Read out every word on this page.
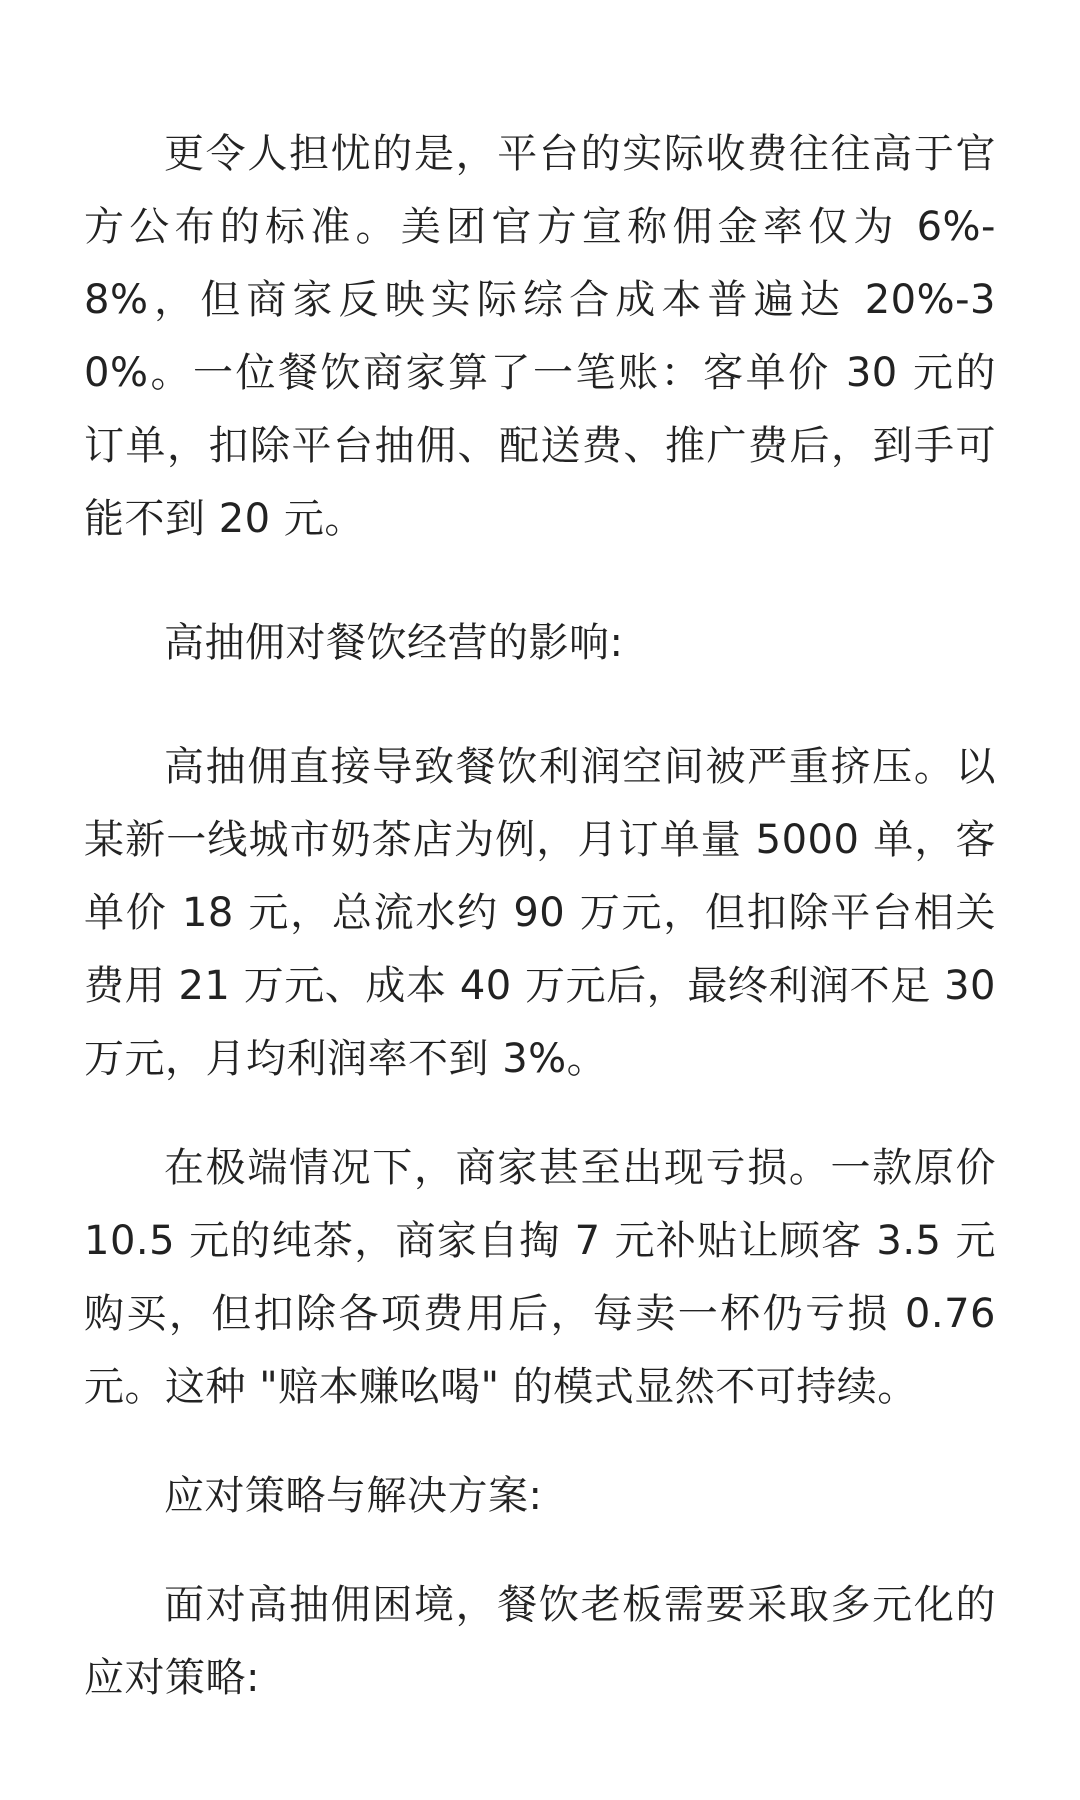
更令人担忧的是，平台的实际收费往往高于官方公布的标准。美团官方宣称佣金率仅为 6%-8%，但商家反映实际综合成本普遍达 20%-30%。一位餐饮商家算了一笔账：客单价 30 元的订单，扣除平台抽佣、配送费、推广费后，到手可能不到 20 元。

高抽佣对餐饮经营的影响:

高抽佣直接导致餐饮利润空间被严重挤压。以某新一线城市奶茶店为例，月订单量 5000 单，客单价 18 元，总流水约 90 万元，但扣除平台相关费用 21 万元、成本 40 万元后，最终利润不足 30 万元，月均利润率不到 3%。

在极端情况下，商家甚至出现亏损。一款原价 10.5 元的纯茶，商家自掏 7 元补贴让顾客 3.5 元购买，但扣除各项费用后，每卖一杯仍亏损 0.76 元。这种 "赔本赚吆喝" 的模式显然不可持续。

应对策略与解决方案:

面对高抽佣困境，餐饮老板需要采取多元化的应对策略:
